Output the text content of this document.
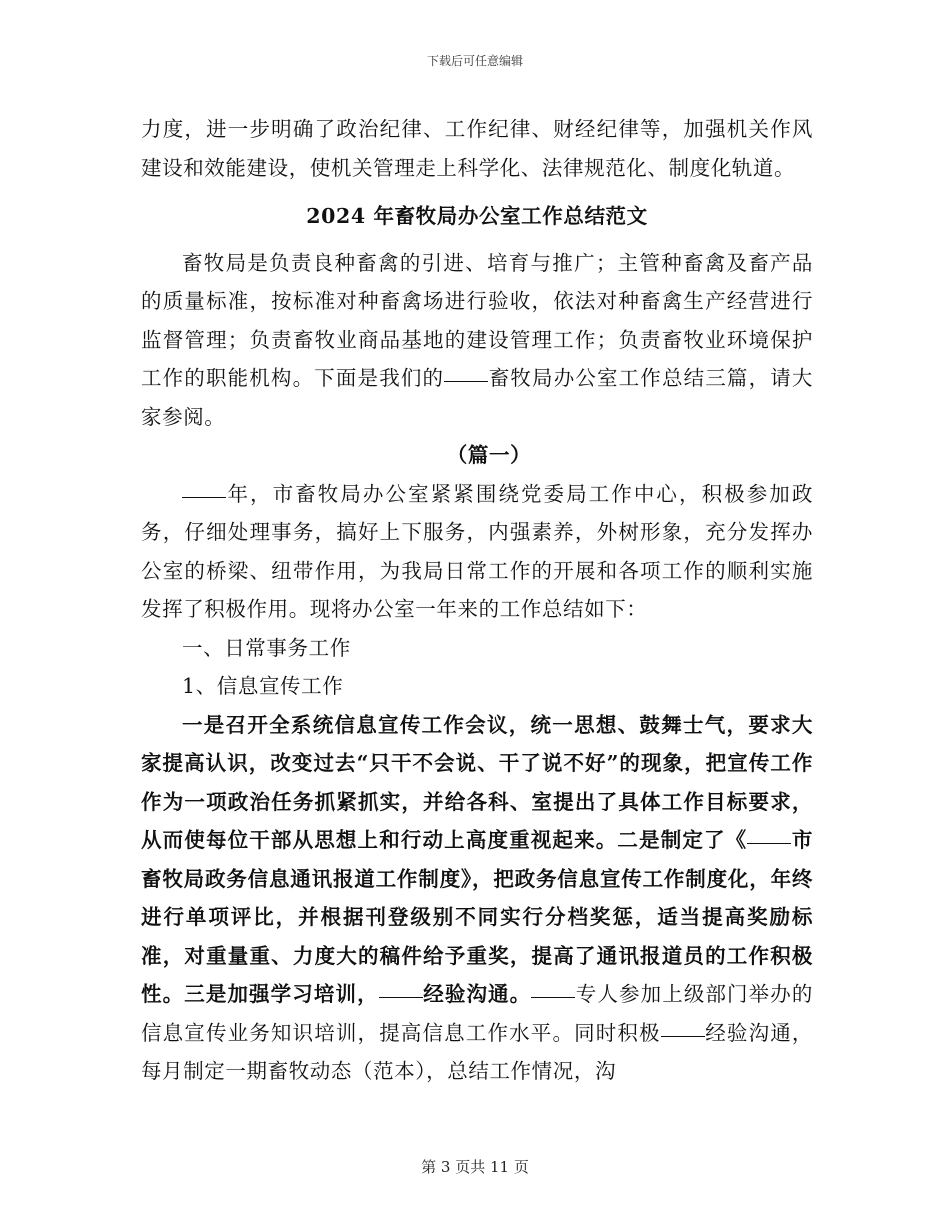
下载后可任意编辑

力度，进一步明确了政治纪律、工作纪律、财经纪律等，加强机关作风建设和效能建设，使机关管理走上科学化、法律规范化、制度化轨道。

2024 年畜牧局办公室工作总结范文

畜牧局是负责良种畜禽的引进、培育与推广；主管种畜禽及畜产品的质量标准，按标准对种畜禽场进行验收，依法对种畜禽生产经营进行监督管理；负责畜牧业商品基地的建设管理工作；负责畜牧业环境保护工作的职能机构。下面是我们的 畜牧局办公室工作总结三篇，请大家参阅。

（篇一）

年，市畜牧局办公室紧紧围绕党委局工作中心，积极参加政务，仔细处理事务，搞好上下服务，内强素养，外树形象，充分发挥办公室的桥梁、纽带作用，为我局日常工作的开展和各项工作的顺利实施发挥了积极作用。现将办公室一年来的工作总结如下：

一、日常事务工作

1、信息宣传工作

一是召开全系统信息宣传工作会议，统一思想、鼓舞士气，要求大家提高认识，改变过去“只干不会说、干了说不好”的现象，把宣传工作作为一项政治任务抓紧抓实，并给各科、室提出了具体工作目标要求，从而使每位干部从思想上和行动上高度重视起来。二是制定了《 市畜牧局政务信息通讯报道工作制度》，把政务信息宣传工作制度化，年终进行单项评比，并根据刊登级别不同实行分档奖惩，适当提高奖励标准，对重量重、力度大的稿件给予重奖，提高了通讯报道员的工作积极性。三是加强学习培训， 经验沟通。 专人参加上级部门举办的信息宣传业务知识培训，提高信息工作水平。同时积极 经验沟通，每月制定一期畜牧动态（范本），总结工作情况，沟

第 3 页共 11 页
